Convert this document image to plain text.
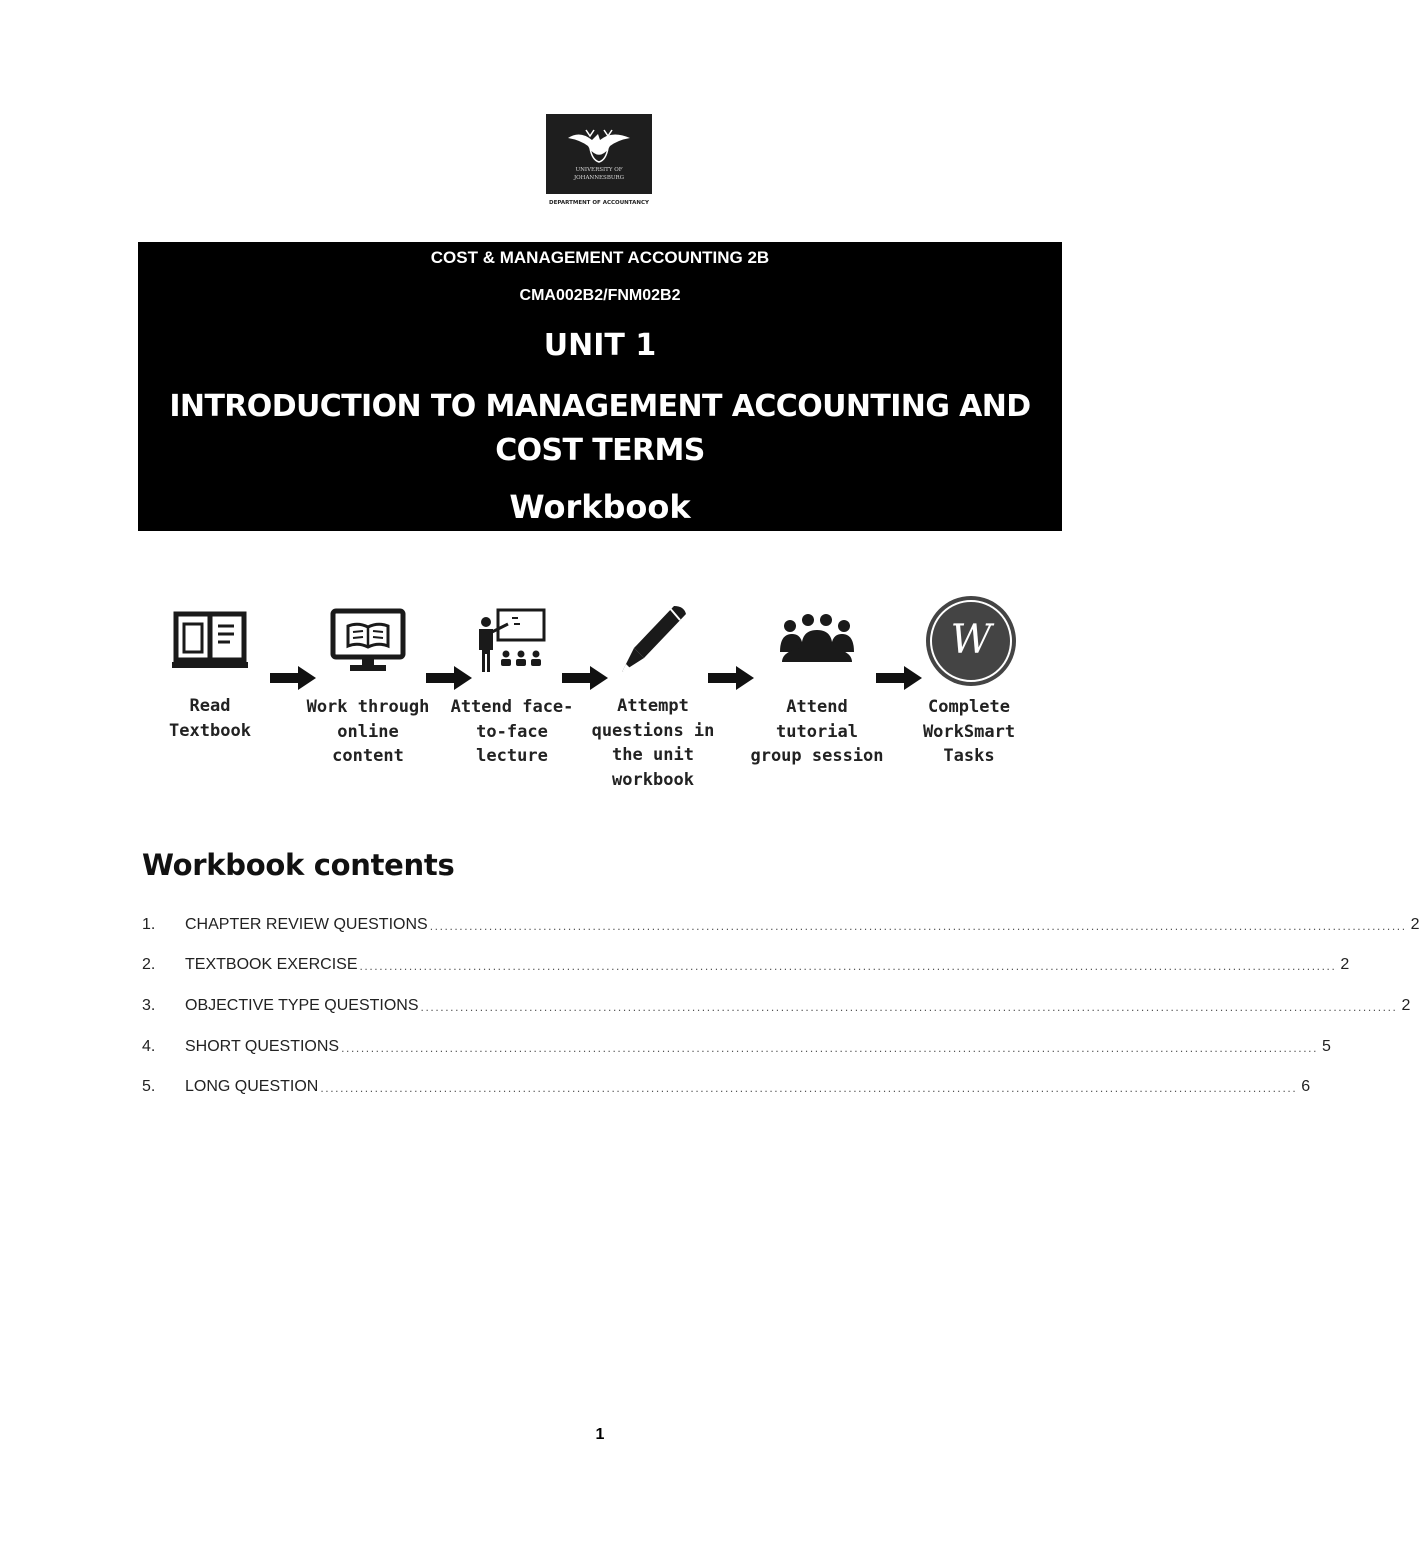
UNIVERSITY OF JOHANNESBURG
DEPARTMENT OF ACCOUNTANCY
COST & MANAGEMENT ACCOUNTING 2B
CMA002B2/FNM02B2
UNIT 1
INTRODUCTION TO MANAGEMENT ACCOUNTING AND
COST TERMS
Workbook
W
Read
Textbook
Work through
online
content
Attend face-
to-face
lecture
Attempt
questions in
the unit
workbook
Attend
tutorial
group session
Complete
WorkSmart
Tasks
Workbook contents
1.	CHAPTER REVIEW QUESTIONS ...................................................................................................................................................................................................... 2
2.	TEXTBOOK EXERCISE ...................................................................................................................................................................................................... 2
3.	OBJECTIVE TYPE QUESTIONS ...................................................................................................................................................................................................... 2
4.	SHORT QUESTIONS ...................................................................................................................................................................................................... 5
5.	LONG QUESTION ...................................................................................................................................................................................................... 6
1
